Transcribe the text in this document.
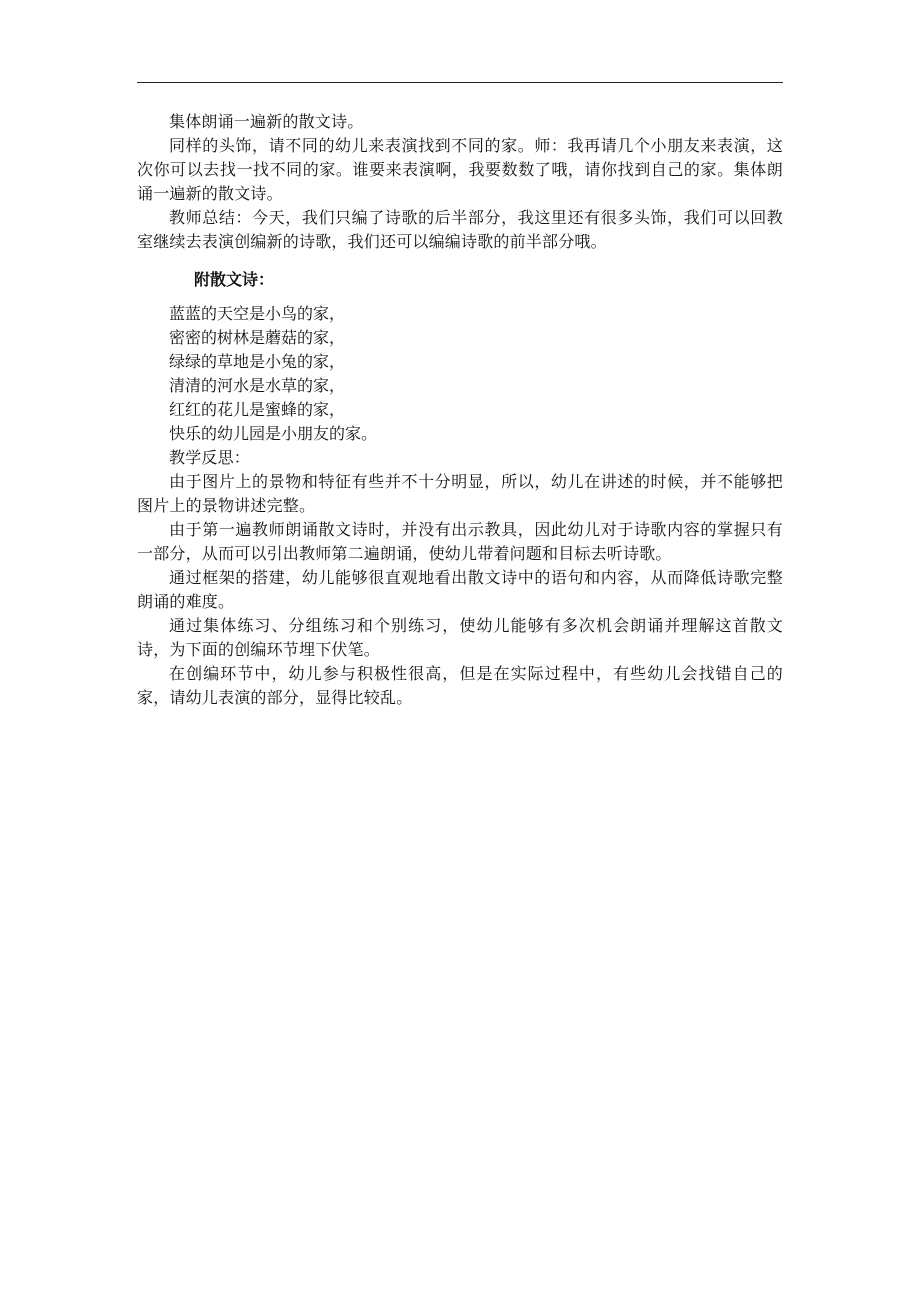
集体朗诵一遍新的散文诗。

同样的头饰，请不同的幼儿来表演找到不同的家。师：我再请几个小朋友来表演，这次你可以去找一找不同的家。谁要来表演啊，我要数数了哦，请你找到自己的家。集体朗诵一遍新的散文诗。

教师总结：今天，我们只编了诗歌的后半部分，我这里还有很多头饰，我们可以回教室继续去表演创编新的诗歌，我们还可以编编诗歌的前半部分哦。

附散文诗：

蓝蓝的天空是小鸟的家，

密密的树林是蘑菇的家，

绿绿的草地是小兔的家，

清清的河水是水草的家，

红红的花儿是蜜蜂的家，

快乐的幼儿园是小朋友的家。

教学反思：

由于图片上的景物和特征有些并不十分明显，所以，幼儿在讲述的时候，并不能够把图片上的景物讲述完整。

由于第一遍教师朗诵散文诗时，并没有出示教具，因此幼儿对于诗歌内容的掌握只有一部分，从而可以引出教师第二遍朗诵，使幼儿带着问题和目标去听诗歌。

通过框架的搭建，幼儿能够很直观地看出散文诗中的语句和内容，从而降低诗歌完整朗诵的难度。

通过集体练习、分组练习和个别练习，使幼儿能够有多次机会朗诵并理解这首散文诗，为下面的创编环节埋下伏笔。

在创编环节中，幼儿参与积极性很高，但是在实际过程中，有些幼儿会找错自己的家，请幼儿表演的部分，显得比较乱。
